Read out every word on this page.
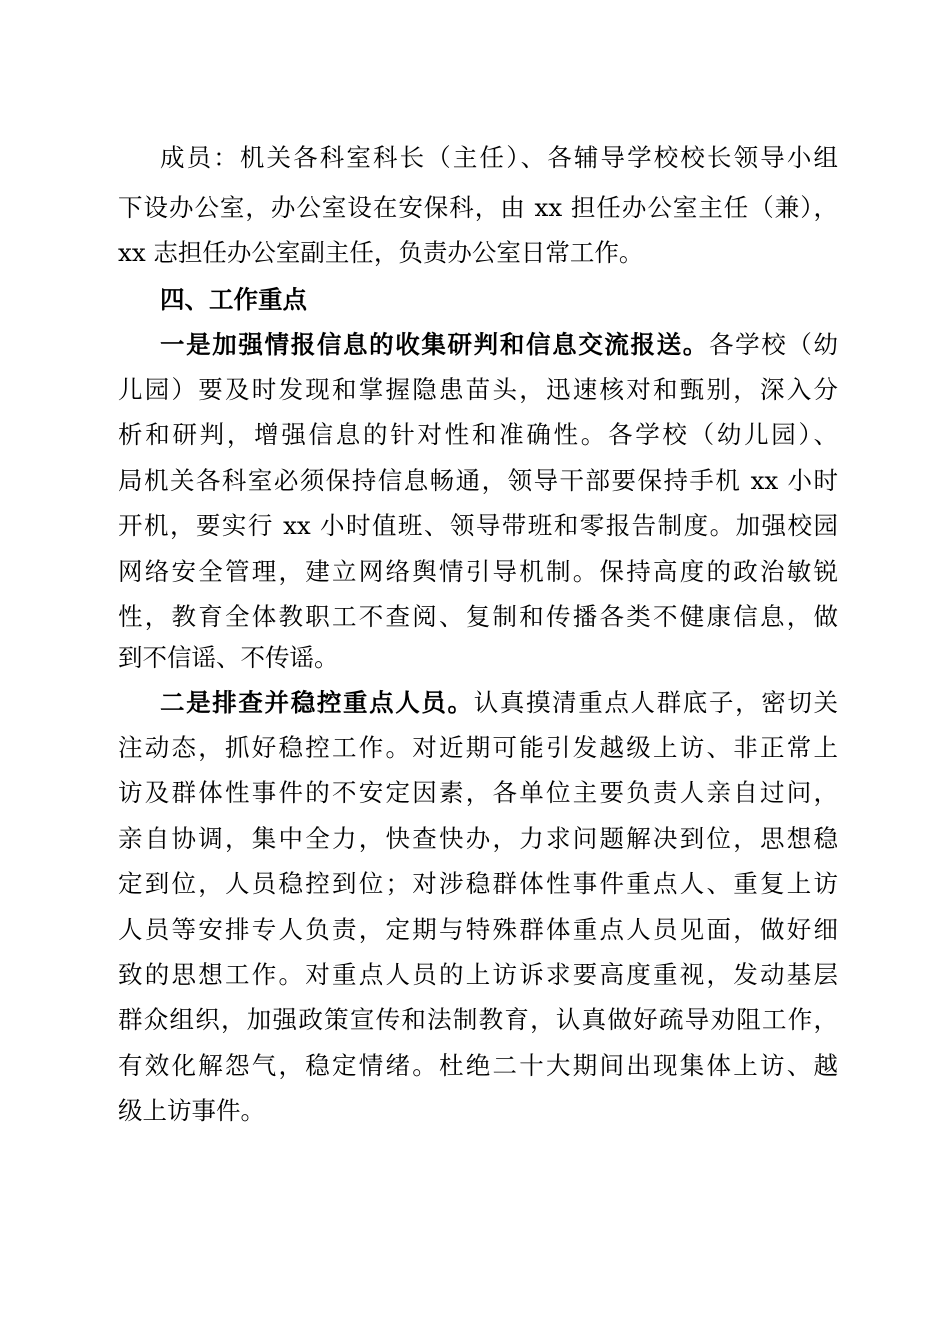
成员：机关各科室科长（主任）、各辅导学校校长领导小组
下设办公室，办公室设在安保科，由 xx 担任办公室主任（兼），
xx 志担任办公室副主任，负责办公室日常工作。
四、工作重点
一是加强情报信息的收集研判和信息交流报送。各学校（幼
儿园）要及时发现和掌握隐患苗头，迅速核对和甄别，深入分
析和研判，增强信息的针对性和准确性。各学校（幼儿园）、
局机关各科室必须保持信息畅通，领导干部要保持手机 xx 小时
开机，要实行 xx 小时值班、领导带班和零报告制度。加强校园
网络安全管理，建立网络舆情引导机制。保持高度的政治敏锐
性，教育全体教职工不查阅、复制和传播各类不健康信息，做
到不信谣、不传谣。
二是排查并稳控重点人员。认真摸清重点人群底子，密切关
注动态，抓好稳控工作。对近期可能引发越级上访、非正常上
访及群体性事件的不安定因素，各单位主要负责人亲自过问，
亲自协调，集中全力，快查快办，力求问题解决到位，思想稳
定到位，人员稳控到位；对涉稳群体性事件重点人、重复上访
人员等安排专人负责，定期与特殊群体重点人员见面，做好细
致的思想工作。对重点人员的上访诉求要高度重视，发动基层
群众组织，加强政策宣传和法制教育，认真做好疏导劝阻工作，
有效化解怨气，稳定情绪。杜绝二十大期间出现集体上访、越
级上访事件。
